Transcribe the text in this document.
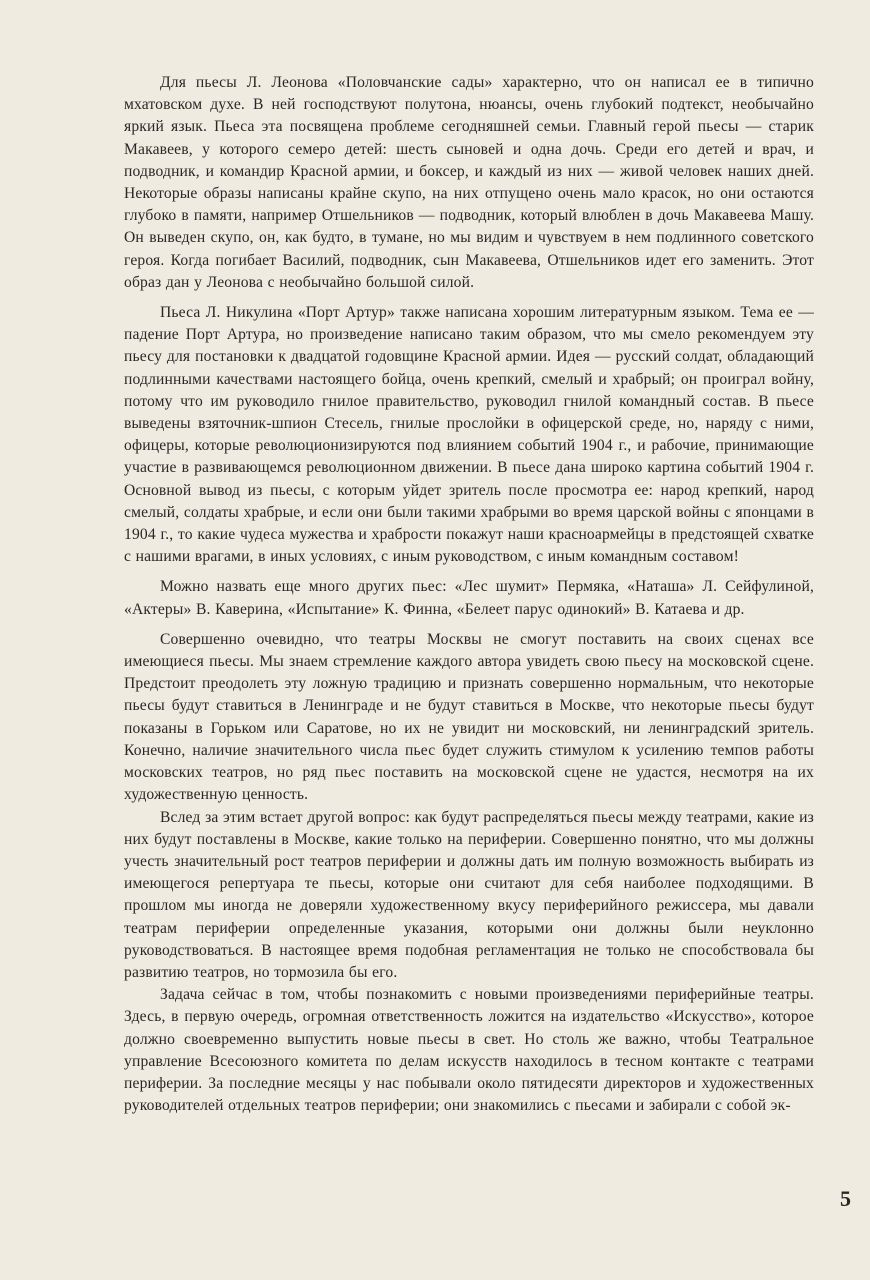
Для пьесы Л. Леонова «Половчанские сады» характерно, что он написал ее в типично мхатовском духе. В ней господствуют полутона, нюансы, очень глубокий подтекст, необычайно яркий язык. Пьеса эта посвящена проблеме сегодняшней семьи. Главный герой пьесы — старик Макавеев, у которого семеро детей: шесть сыновей и одна дочь. Среди его детей и врач, и подводник, и командир Красной армии, и боксер, и каждый из них — живой человек наших дней. Некоторые образы написаны крайне скупо, на них отпущено очень мало красок, но они остаются глубоко в памяти, например Отшельников — подводник, который влюблен в дочь Макавеева Машу. Он выведен скупо, он, как будто, в тумане, но мы видим и чувствуем в нем подлинного советского героя. Когда погибает Василий, подводник, сын Макавеева, Отшельников идет его заменить. Этот образ дан у Леонова с необычайно большой силой.

Пьеса Л. Никулина «Порт Артур» также написана хорошим литературным языком. Тема ее — падение Порт Артура, но произведение написано таким образом, что мы смело рекомендуем эту пьесу для постановки к двадцатой годовщине Красной армии. Идея — русский солдат, обладающий подлинными качествами настоящего бойца, очень крепкий, смелый и храбрый; он проиграл войну, потому что им руководило гнилое правительство, руководил гнилой командный состав. В пьесе выведены взяточник-шпион Стесель, гнилые прослойки в офицерской среде, но, наряду с ними, офицеры, которые революционизируются под влиянием событий 1904 г., и рабочие, принимающие участие в развивающемся революционном движении. В пьесе дана широко картина событий 1904 г. Основной вывод из пьесы, с которым уйдет зритель после просмотра ее: народ крепкий, народ смелый, солдаты храбрые, и если они были такими храбрыми во время царской войны с японцами в 1904 г., то какие чудеса мужества и храбрости покажут наши красноармейцы в предстоящей схватке с нашими врагами, в иных условиях, с иным руководством, с иным командным составом!

Можно назвать еще много других пьес: «Лес шумит» Пермяка, «Наташа» Л. Сейфулиной, «Актеры» В. Каверина, «Испытание» К. Финна, «Белеет парус одинокий» В. Катаева и др.

Совершенно очевидно, что театры Москвы не смогут поставить на своих сценах все имеющиеся пьесы. Мы знаем стремление каждого автора увидеть свою пьесу на московской сцене. Предстоит преодолеть эту ложную традицию и признать совершенно нормальным, что некоторые пьесы будут ставиться в Ленинграде и не будут ставиться в Москве, что некоторые пьесы будут показаны в Горьком или Саратове, но их не увидит ни московский, ни ленинградский зритель. Конечно, наличие значительного числа пьес будет служить стимулом к усилению темпов работы московских театров, но ряд пьес поставить на московской сцене не удастся, несмотря на их художественную ценность.

Вслед за этим встает другой вопрос: как будут распределяться пьесы между театрами, какие из них будут поставлены в Москве, какие только на периферии. Совершенно понятно, что мы должны учесть значительный рост театров периферии и должны дать им полную возможность выбирать из имеющегося репертуара те пьесы, которые они считают для себя наиболее подходящими. В прошлом мы иногда не доверяли художественному вкусу периферийного режиссера, мы давали театрам периферии определенные указания, которыми они должны были неуклонно руководствоваться. В настоящее время подобная регламентация не только не способствовала бы развитию театров, но тормозила бы его.

Задача сейчас в том, чтобы познакомить с новыми произведениями периферийные театры. Здесь, в первую очередь, огромная ответственность ложится на издательство «Искусство», которое должно своевременно выпустить новые пьесы в свет. Но столь же важно, чтобы Театральное управление Всесоюзного комитета по делам искусств находилось в тесном контакте с театрами периферии. За последние месяцы у нас побывали около пятидесяти директоров и художественных руководителей отдельных театров периферии; они знакомились с пьесами и забирали с собой эк-

5
